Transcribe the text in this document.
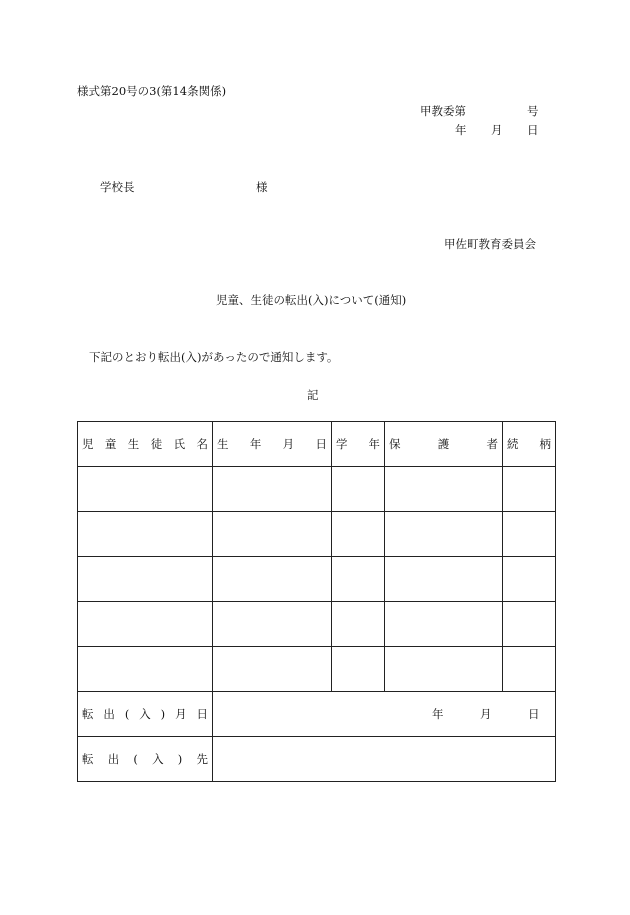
様式第20号の3(第14条関係)
甲教委第	号
年 月 日
学校長	様
甲佐町教育委員会
児童、生徒の転出(入)について(通知)
下記のとおり転出(入)があったので通知します。
記
児童生徒氏名	生年月日	学年	保護者	続柄

転出(入)月日	年 月 日			

転出(入)先				
